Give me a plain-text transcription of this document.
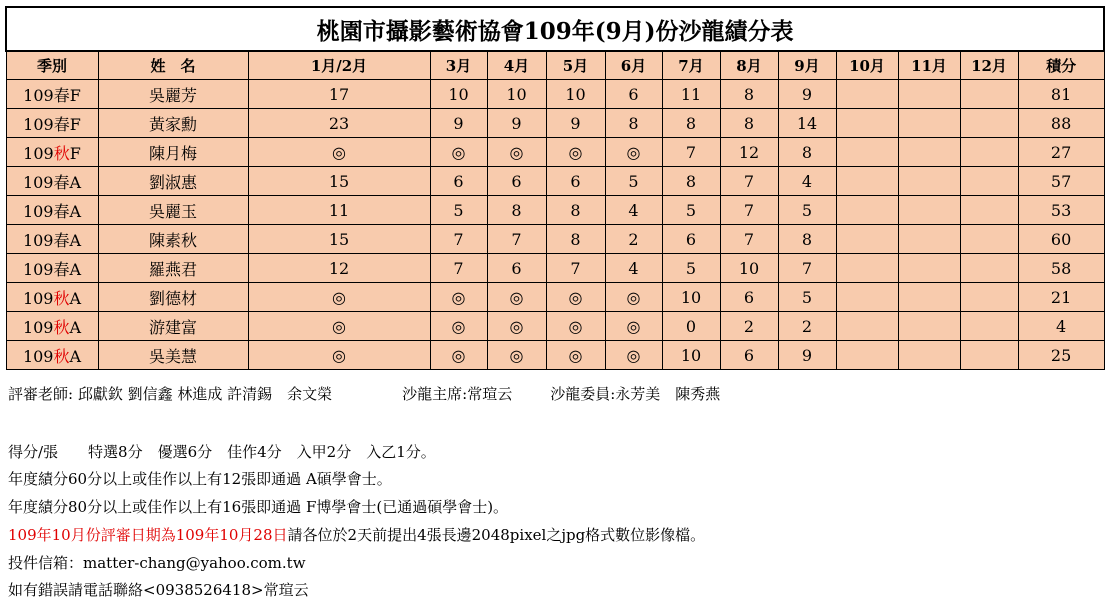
桃園市攝影藝術協會109年(9月)份沙龍績分表													
季別	姓　名	1月/2月	3月	4月	5月	6月	7月	8月	9月	10月	11月	12月	積分
109春F	吳麗芳	17	10	10	10	6	11	8	9				81
109春F	黃家勳	23	9	9	9	8	8	8	14				88
109秋F	陳月梅	◎	◎	◎	◎	◎	7	12	8				27
109春A	劉淑惠	15	6	6	6	5	8	7	4				57
109春A	吳麗玉	11	5	8	8	4	5	7	5				53
109春A	陳素秋	15	7	7	8	2	6	7	8				60
109春A	羅燕君	12	7	6	7	4	5	10	7				58
109秋A	劉德材	◎	◎	◎	◎	◎	10	6	5				21
109秋A	游建富	◎	◎	◎	◎	◎	0	2	2				4
109秋A	吳美慧	◎	◎	◎	◎	◎	10	6	9				25
評審老師: 邱獻欽 劉信鑫 林進成 許清錫　余文榮	沙龍主席:常瑄云	沙龍委員:永芳美　陳秀燕
得分/張　　特選8分　優選6分　佳作4分　入甲2分　入乙1分。
年度績分60分以上或佳作以上有12張即通過 A碩學會士。
年度績分80分以上或佳作以上有16張即通過 F博學會士(已通過碩學會士)。
109年10月份評審日期為109年10月28日請各位於2天前提出4張長邊2048pixel之jpg格式數位影像檔。
投件信箱：matter-chang@yahoo.com.tw
如有錯誤請電話聯絡<0938526418>常瑄云
